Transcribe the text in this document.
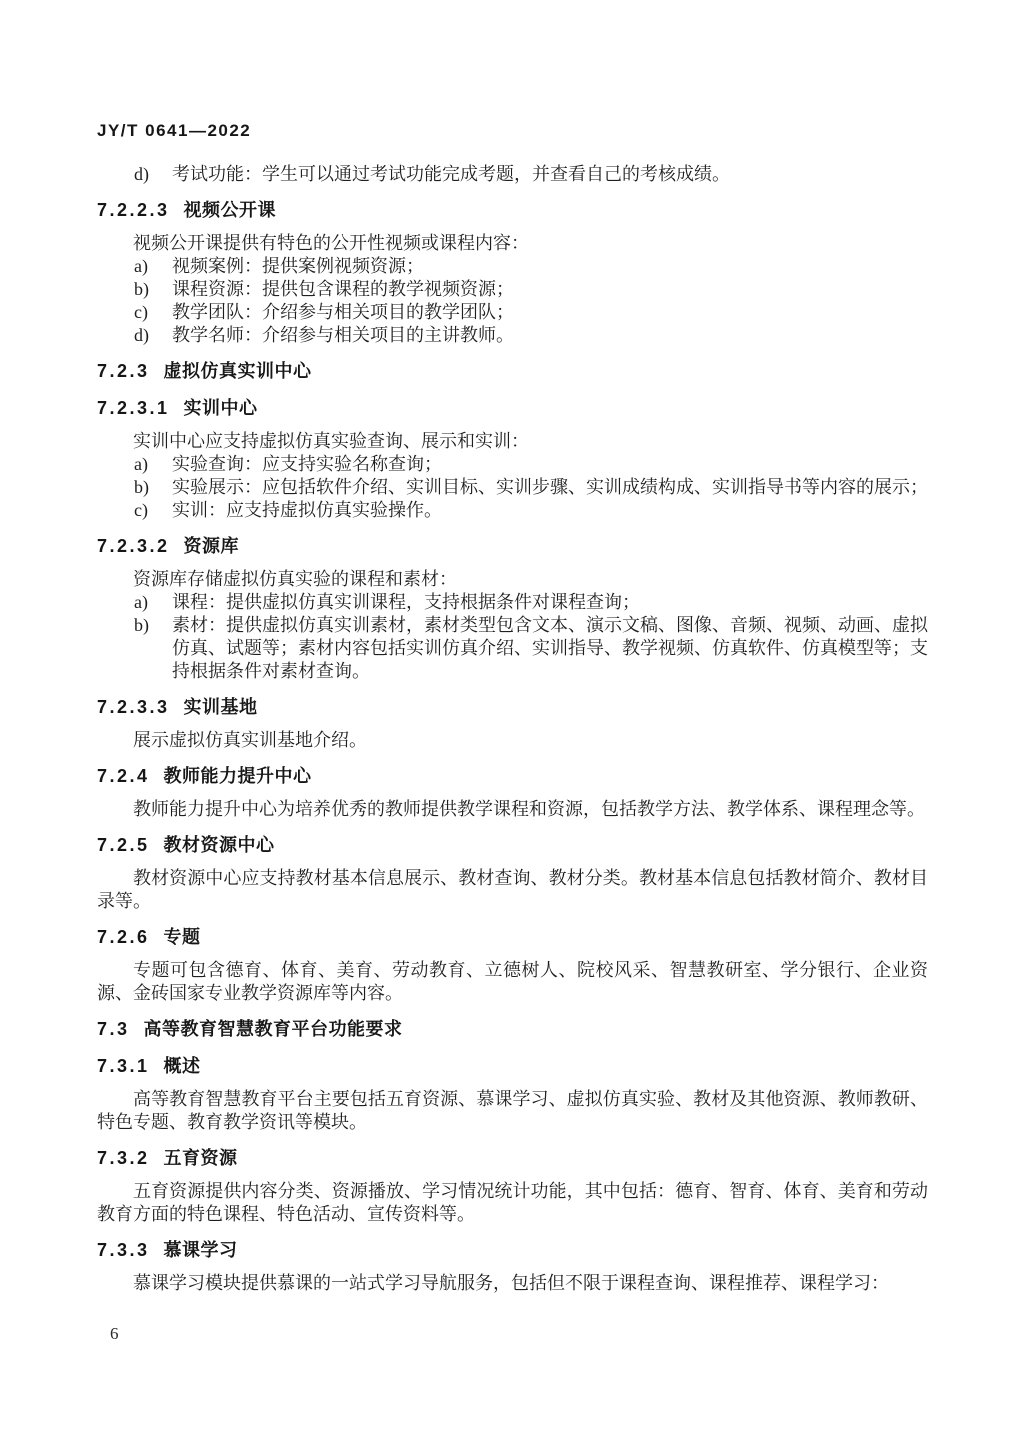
JY/T 0641—2022
d) 考试功能：学生可以通过考试功能完成考题，并查看自己的考核成绩。
7.2.2.3 视频公开课

视频公开课提供有特色的公开性视频或课程内容：

a) 视频案例：提供案例视频资源；
b) 课程资源：提供包含课程的教学视频资源；
c) 教学团队：介绍参与相关项目的教学团队；
d) 教学名师：介绍参与相关项目的主讲教师。
7.2.3 虚拟仿真实训中心
7.2.3.1 实训中心

实训中心应支持虚拟仿真实验查询、展示和实训：

a) 实验查询：应支持实验名称查询；
b) 实验展示：应包括软件介绍、实训目标、实训步骤、实训成绩构成、实训指导书等内容的展示；
c) 实训：应支持虚拟仿真实验操作。
7.2.3.2 资源库

资源库存储虚拟仿真实验的课程和素材：

a) 课程：提供虚拟仿真实训课程，支持根据条件对课程查询；
b) 素材：提供虚拟仿真实训素材，素材类型包含文本、演示文稿、图像、音频、视频、动画、虚拟仿真、试题等；素材内容包括实训仿真介绍、实训指导、教学视频、仿真软件、仿真模型等；支持根据条件对素材查询。
7.2.3.3 实训基地

展示虚拟仿真实训基地介绍。

7.2.4 教师能力提升中心

教师能力提升中心为培养优秀的教师提供教学课程和资源，包括教学方法、教学体系、课程理念等。

7.2.5 教材资源中心

教材资源中心应支持教材基本信息展示、教材查询、教材分类。教材基本信息包括教材简介、教材目录等。

7.2.6 专题

专题可包含德育、体育、美育、劳动教育、立德树人、院校风采、智慧教研室、学分银行、企业资源、金砖国家专业教学资源库等内容。

7.3 高等教育智慧教育平台功能要求
7.3.1 概述

高等教育智慧教育平台主要包括五育资源、慕课学习、虚拟仿真实验、教材及其他资源、教师教研、特色专题、教育教学资讯等模块。

7.3.2 五育资源

五育资源提供内容分类、资源播放、学习情况统计功能，其中包括：德育、智育、体育、美育和劳动教育方面的特色课程、特色活动、宣传资料等。

7.3.3 慕课学习

慕课学习模块提供慕课的一站式学习导航服务，包括但不限于课程查询、课程推荐、课程学习：

6
